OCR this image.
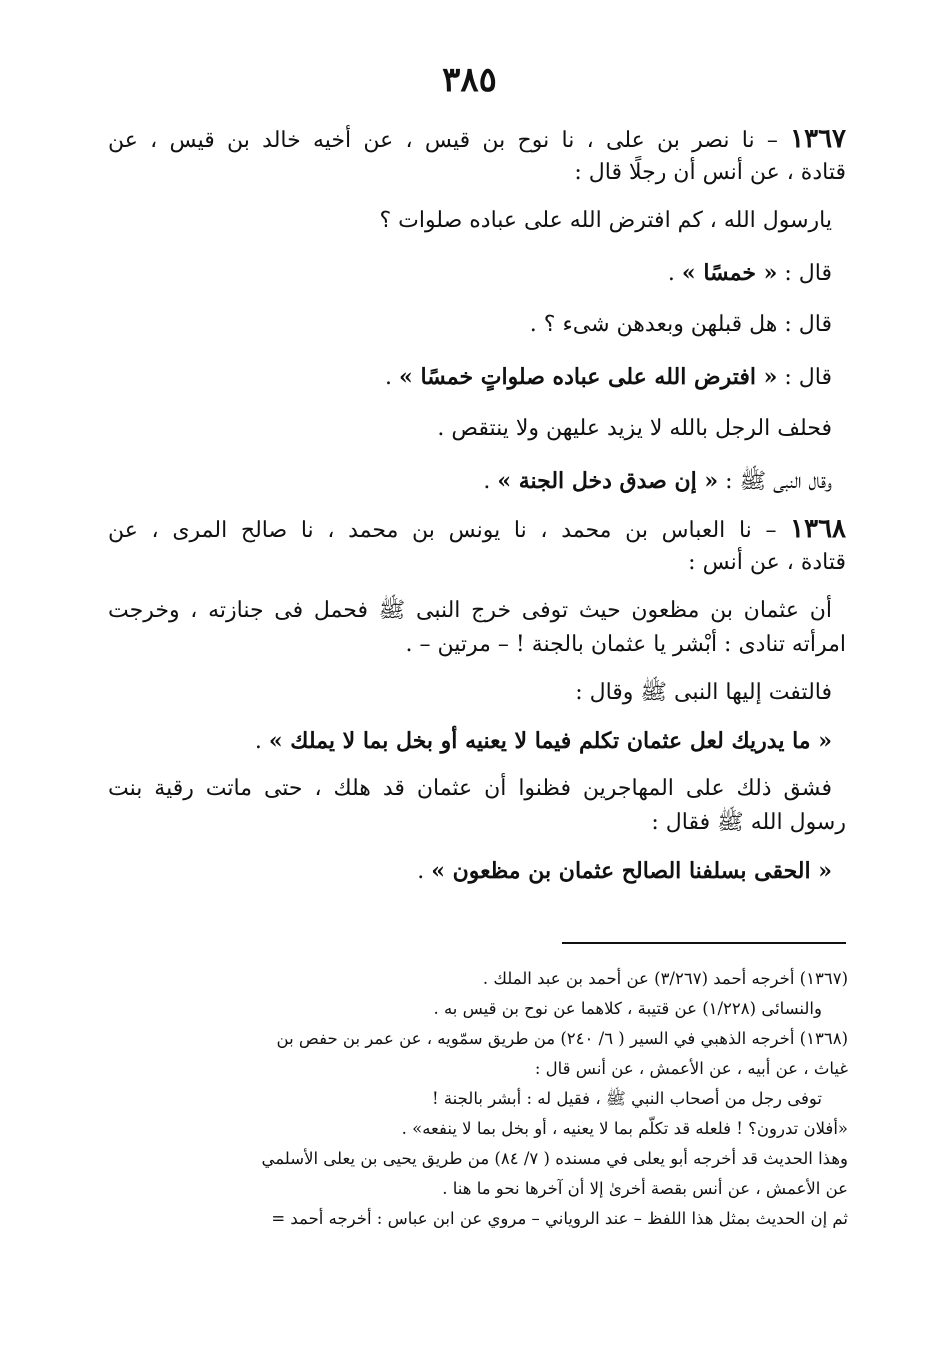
٣٨٥
١٣٦٧ – نا نصر بن على ، نا نوح بن قيس ، عن أخيه خالد بن قيس ، عن
قتادة ، عن أنس أن رجلًا قال :
يارسول الله ، كم افترض الله على عباده صلوات ؟
قال : « خمسًا » .
قال : هل قبلهن وبعدهن شىء ؟ .
قال : « افترض الله على عباده صلواتٍ خمسًا » .
فحلف الرجل بالله لا يزيد عليهن ولا ينتقص .
وقال النبى ﷺ : « إن صدق دخل الجنة » .
١٣٦٨ – نا العباس بن محمد ، نا يونس بن محمد ، نا صالح المرى ، عن
قتادة ، عن أنس :
أن عثمان بن مظعون حيث توفى خرج النبى ﷺ فحمل فى جنازته ، وخرجت
امرأته تنادى : أبْشر يا عثمان بالجنة ! – مرتين – .
فالتفت إليها النبى ﷺ وقال :
« ما يدريك لعل عثمان تكلم فيما لا يعنيه أو بخل بما لا يملك » .
فشق ذلك على المهاجرين فظنوا أن عثمان قد هلك ، حتى ماتت رقية بنت
رسول الله ﷺ فقال :
« الحقى بسلفنا الصالح عثمان بن مظعون » .
(١٣٦٧) أخرجه أحمد (٣/٢٦٧) عن أحمد بن عبد الملك .
والنسائى (١/٢٢٨) عن قتيبة ، كلاهما عن نوح بن قيس به .
(١٣٦٨) أخرجه الذهبي في السير ( ٦/ ٢٤٠) من طريق سمّويه ، عن عمر بن حفص بن
غياث ، عن أبيه ، عن الأعمش ، عن أنس قال :
توفى رجل من أصحاب النبي ﷺ ، فقيل له : أبشر بالجنة !
«أفلان تدرون؟ ! فلعله قد تكلّم بما لا يعنيه ، أو بخل بما لا ينفعه» .
وهذا الحديث قد أخرجه أبو يعلى في مسنده ( ٧/ ٨٤) من طريق يحيى بن يعلى الأسلمي
عن الأعمش ، عن أنس بقصة أخرىٰ إلا أن آخرها نحو ما هنا .
ثم إن الحديث بمثل هذا اللفظ – عند الروياني – مروي عن ابن عباس : أخرجه أحمد =
